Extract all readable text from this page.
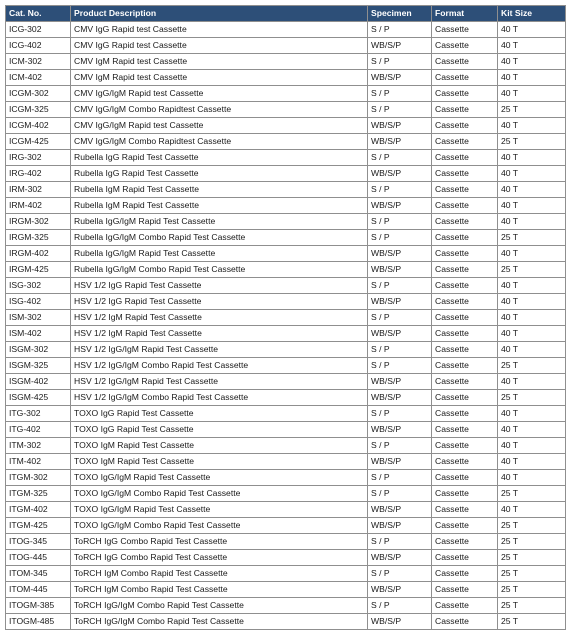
Cat. No.	Product Description	Specimen	Format	Kit Size
ICG-302	CMV IgG Rapid test Cassette	S / P	Cassette	40 T
ICG-402	CMV IgG Rapid test Cassette	WB/S/P	Cassette	40 T
ICM-302	CMV IgM Rapid test Cassette	S / P	Cassette	40 T
ICM-402	CMV IgM Rapid test Cassette	WB/S/P	Cassette	40 T
ICGM-302	CMV IgG/IgM Rapid test Cassette	S / P	Cassette	40 T
ICGM-325	CMV IgG/IgM Combo Rapidtest Cassette	S / P	Cassette	25 T
ICGM-402	CMV IgG/IgM Rapid test Cassette	WB/S/P	Cassette	40 T
ICGM-425	CMV IgG/IgM Combo Rapidtest Cassette	WB/S/P	Cassette	25 T
IRG-302	Rubella IgG Rapid Test Cassette	S / P	Cassette	40 T
IRG-402	Rubella IgG Rapid Test Cassette	WB/S/P	Cassette	40 T
IRM-302	Rubella IgM Rapid Test Cassette	S / P	Cassette	40 T
IRM-402	Rubella IgM Rapid Test Cassette	WB/S/P	Cassette	40 T
IRGM-302	Rubella IgG/IgM Rapid Test Cassette	S / P	Cassette	40 T
IRGM-325	Rubella IgG/IgM Combo Rapid Test Cassette	S / P	Cassette	25 T
IRGM-402	Rubella IgG/IgM Rapid Test Cassette	WB/S/P	Cassette	40 T
IRGM-425	Rubella IgG/IgM Combo Rapid Test Cassette	WB/S/P	Cassette	25 T
ISG-302	HSV 1/2 IgG Rapid Test Cassette	S / P	Cassette	40 T
ISG-402	HSV 1/2 IgG Rapid Test Cassette	WB/S/P	Cassette	40 T
ISM-302	HSV 1/2 IgM Rapid Test Cassette	S / P	Cassette	40 T
ISM-402	HSV 1/2 IgM Rapid Test Cassette	WB/S/P	Cassette	40 T
ISGM-302	HSV 1/2 IgG/IgM Rapid Test Cassette	S / P	Cassette	40 T
ISGM-325	HSV 1/2 IgG/IgM Combo Rapid Test Cassette	S / P	Cassette	25 T
ISGM-402	HSV 1/2 IgG/IgM Rapid Test Cassette	WB/S/P	Cassette	40 T
ISGM-425	HSV 1/2 IgG/IgM Combo Rapid Test Cassette	WB/S/P	Cassette	25 T
ITG-302	TOXO IgG Rapid Test Cassette	S / P	Cassette	40 T
ITG-402	TOXO IgG Rapid Test Cassette	WB/S/P	Cassette	40 T
ITM-302	TOXO IgM Rapid Test Cassette	S / P	Cassette	40 T
ITM-402	TOXO IgM Rapid Test Cassette	WB/S/P	Cassette	40 T
ITGM-302	TOXO IgG/IgM Rapid Test Cassette	S / P	Cassette	40 T
ITGM-325	TOXO IgG/IgM Combo Rapid Test Cassette	S / P	Cassette	25 T
ITGM-402	TOXO IgG/IgM Rapid Test Cassette	WB/S/P	Cassette	40 T
ITGM-425	TOXO IgG/IgM Combo Rapid Test Cassette	WB/S/P	Cassette	25 T
ITOG-345	ToRCH IgG Combo Rapid Test Cassette	S / P	Cassette	25 T
ITOG-445	ToRCH IgG Combo Rapid Test Cassette	WB/S/P	Cassette	25 T
ITOM-345	ToRCH IgM Combo Rapid Test Cassette	S / P	Cassette	25 T
ITOM-445	ToRCH IgM Combo Rapid Test Cassette	WB/S/P	Cassette	25 T
ITOGM-385	ToRCH IgG/IgM Combo Rapid Test Cassette	S / P	Cassette	25 T
ITOGM-485	ToRCH IgG/IgM Combo Rapid Test Cassette	WB/S/P	Cassette	25 T
